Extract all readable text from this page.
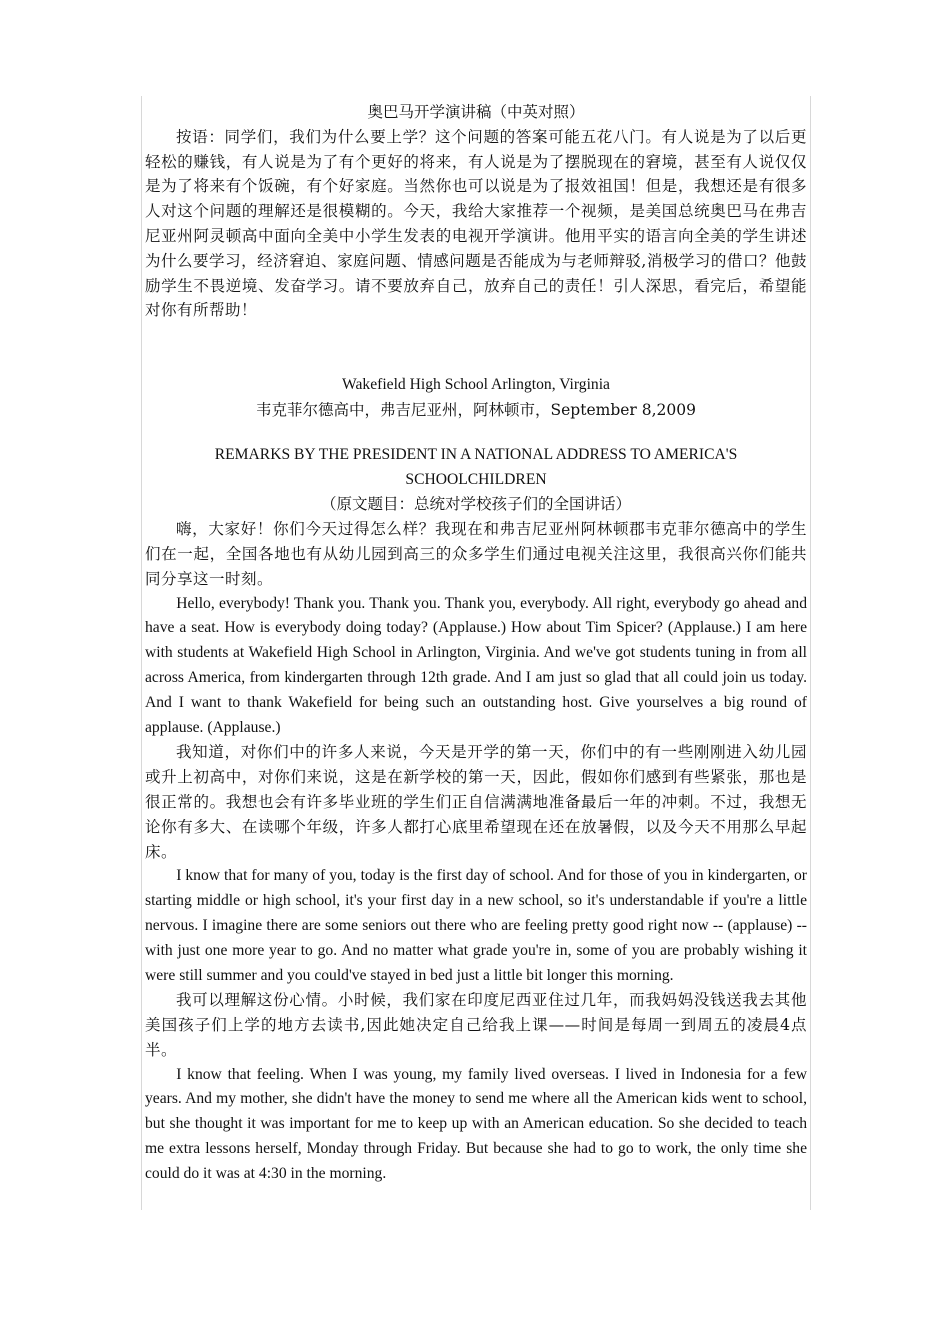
奥巴马开学演讲稿（中英对照）

按语：同学们，我们为什么要上学？这个问题的答案可能五花八门。有人说是为了以后更轻松的赚钱，有人说是为了有个更好的将来，有人说是为了摆脱现在的窘境，甚至有人说仅仅是为了将来有个饭碗，有个好家庭。当然你也可以说是为了报效祖国！但是，我想还是有很多人对这个问题的理解还是很模糊的。今天，我给大家推荐一个视频，是美国总统奥巴马在弗吉尼亚州阿灵顿高中面向全美中小学生发表的电视开学演讲。他用平实的语言向全美的学生讲述为什么要学习，经济窘迫、家庭问题、情感问题是否能成为与老师辩驳,消极学习的借口？他鼓励学生不畏逆境、发奋学习。请不要放弃自己，放弃自己的责任！引人深思，看完后，希望能对你有所帮助！

Wakefield High School Arlington, Virginia

韦克菲尔德高中，弗吉尼亚州，阿林顿市，September 8,2009

REMARKS BY THE PRESIDENT IN A NATIONAL ADDRESS TO AMERICA'S SCHOOLCHILDREN

（原文题目：总统对学校孩子们的全国讲话）

嗨，大家好！你们今天过得怎么样？我现在和弗吉尼亚州阿林顿郡韦克菲尔德高中的学生们在一起，全国各地也有从幼儿园到高三的众多学生们通过电视关注这里，我很高兴你们能共同分享这一时刻。

Hello, everybody! Thank you. Thank you. Thank you, everybody. All right, everybody go ahead and have a seat. How is everybody doing today? (Applause.) How about Tim Spicer? (Applause.) I am here with students at Wakefield High School in Arlington, Virginia. And we've got students tuning in from all across America, from kindergarten through 12th grade. And I am just so glad that all could join us today. And I want to thank Wakefield for being such an outstanding host. Give yourselves a big round of applause. (Applause.)

我知道，对你们中的许多人来说，今天是开学的第一天，你们中的有一些刚刚进入幼儿园或升上初高中，对你们来说，这是在新学校的第一天，因此，假如你们感到有些紧张，那也是很正常的。我想也会有许多毕业班的学生们正自信满满地准备最后一年的冲刺。不过，我想无论你有多大、在读哪个年级，许多人都打心底里希望现在还在放暑假，以及今天不用那么早起床。

I know that for many of you, today is the first day of school. And for those of you in kindergarten, or starting middle or high school, it's your first day in a new school, so it's understandable if you're a little nervous. I imagine there are some seniors out there who are feeling pretty good right now -- (applause) -- with just one more year to go. And no matter what grade you're in, some of you are probably wishing it were still summer and you could've stayed in bed just a little bit longer this morning.

我可以理解这份心情。小时候，我们家在印度尼西亚住过几年，而我妈妈没钱送我去其他美国孩子们上学的地方去读书,因此她决定自己给我上课——时间是每周一到周五的凌晨4点半。

I know that feeling. When I was young, my family lived overseas. I lived in Indonesia for a few years. And my mother, she didn't have the money to send me where all the American kids went to school, but she thought it was important for me to keep up with an American education. So she decided to teach me extra lessons herself, Monday through Friday. But because she had to go to work, the only time she could do it was at 4:30 in the morning.
